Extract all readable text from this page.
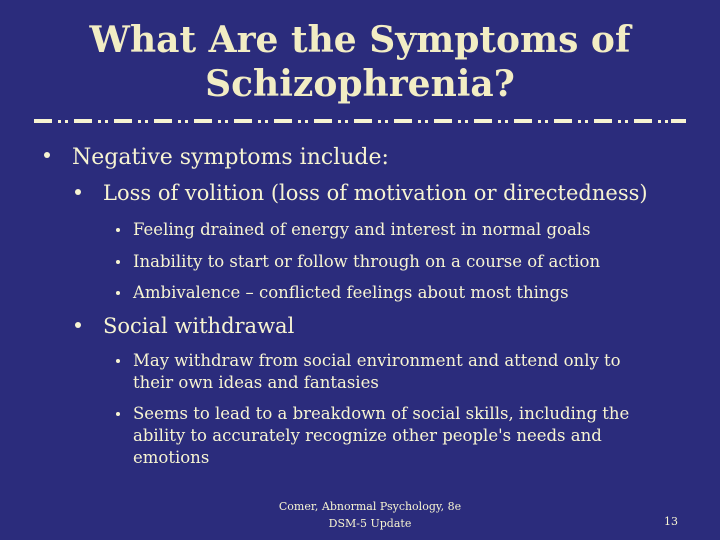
What Are the Symptoms of Schizophrenia?
Negative symptoms include:
Loss of volition (loss of motivation or directedness)
Feeling drained of energy and interest in normal goals
Inability to start or follow through on a course of action
Ambivalence – conflicted feelings about most things
Social withdrawal
May withdraw from social environment and attend only to their own ideas and fantasies
Seems to lead to a breakdown of social skills, including the ability to accurately recognize other people's needs and emotions
Comer, Abnormal Psychology, 8e
DSM-5 Update	13
